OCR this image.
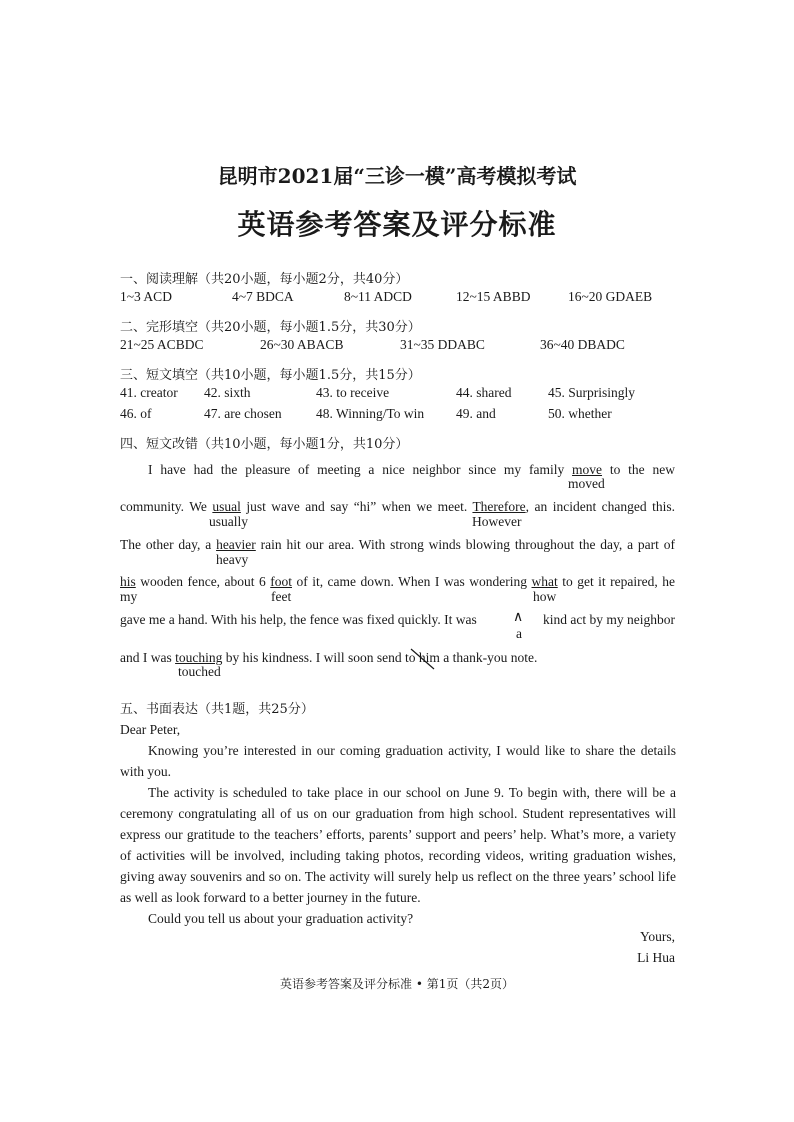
昆明市2021届“三诊一模”高考模拟考试
英语参考答案及评分标准
一、阅读理解（共20小题，每小题2分，共40分）
1~3 ACD	4~7 BDCA	8~11 ADCD	12~15 ABBD	16~20 GDAEB
二、完形填空（共20小题，每小题1.5分，共30分）
21~25 ACBDC	26~30 ABACB	31~35 DDABC	36~40 DBADC
三、短文填空（共10小题，每小题1.5分，共15分）
41. creator 42. sixth	43. to receive	44. shared	45. Surprisingly
46. of	47. are chosen	48. Winning/To win 49. and	50. whether
四、短文改错（共10小题，每小题1分，共10分）
I have had the pleasure of meeting a nice neighbor since my family move to the new
moved
community. We usual just wave and say “hi” when we meet. Therefore, an incident changed this.
usually	However
The other day, a heavier rain hit our area. With strong winds blowing throughout the day, a part of
heavy
his wooden fence, about 6 foot of it, came down. When I was wondering what to get it repaired, he
my	feet	how
gave me a hand. With his help, the fence was fixed quickly. It was	∧
a
kind act by my neighbor
and I was touching by his kindness. I will soon send to him a thank-you note.
touched
五、书面表达（共1题，共25分）
Dear Peter,
Knowing you’re interested in our coming graduation activity, I would like to share the details with you.
The activity is scheduled to take place in our school on June 9. To begin with, there will be a ceremony congratulating all of us on our graduation from high school. Student representatives will express our gratitude to the teachers’ efforts, parents’ support and peers’ help. What’s more, a variety of activities will be involved, including taking photos, recording videos, writing graduation wishes, giving away souvenirs and so on. The activity will surely help us reflect on the three years’ school life as well as look forward to a better journey in the future.
Could you tell us about your graduation activity?
Yours,
Li Hua
英语参考答案及评分标准 • 第1页（共2页）
